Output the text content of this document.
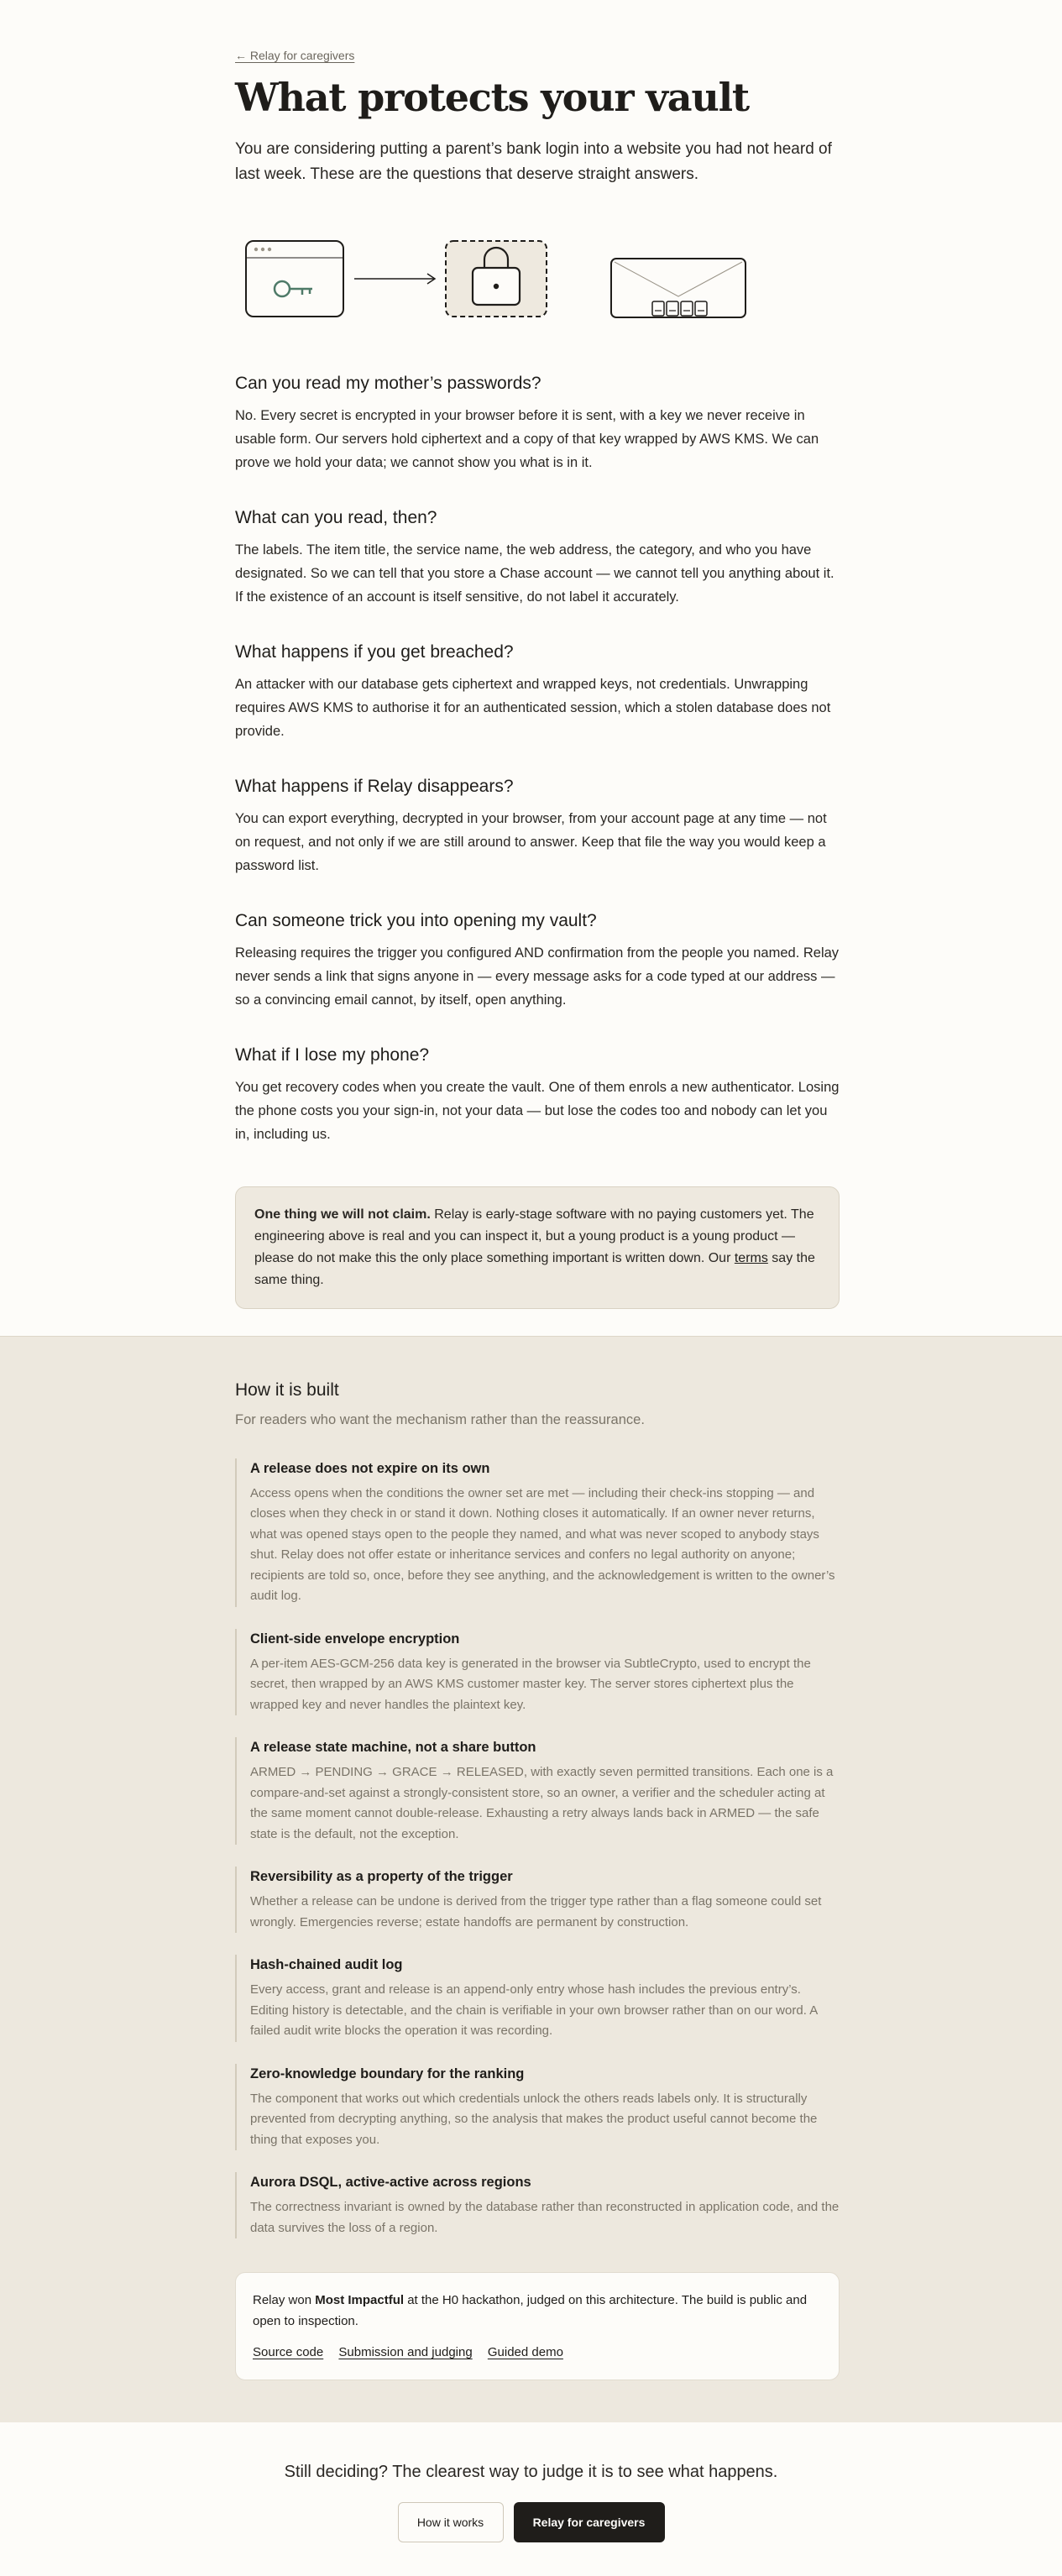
← Relay for caregivers
What protects your vault

You are considering putting a parent’s bank login into a website you had not heard of last week. These are the questions that deserve straight answers.

Can you read my mother’s passwords?

No. Every secret is encrypted in your browser before it is sent, with a key we never receive in usable form. Our servers hold ciphertext and a copy of that key wrapped by AWS KMS. We can prove we hold your data; we cannot show you what is in it.

What can you read, then?

The labels. The item title, the service name, the web address, the category, and who you have designated. So we can tell that you store a Chase account — we cannot tell you anything about it. If the existence of an account is itself sensitive, do not label it accurately.

What happens if you get breached?

An attacker with our database gets ciphertext and wrapped keys, not credentials. Unwrapping requires AWS KMS to authorise it for an authenticated session, which a stolen database does not provide.

What happens if Relay disappears?

You can export everything, decrypted in your browser, from your account page at any time — not on request, and not only if we are still around to answer. Keep that file the way you would keep a password list.

Can someone trick you into opening my vault?

Releasing requires the trigger you configured AND confirmation from the people you named. Relay never sends a link that signs anyone in — every message asks for a code typed at our address — so a convincing email cannot, by itself, open anything.

What if I lose my phone?

You get recovery codes when you create the vault. One of them enrols a new authenticator. Losing the phone costs you your sign-in, not your data — but lose the codes too and nobody can let you in, including us.

One thing we will not claim. Relay is early-stage software with no paying customers yet. The engineering above is real and you can inspect it, but a young product is a young product — please do not make this the only place something important is written down. Our terms say the same thing.
How it is built

For readers who want the mechanism rather than the reassurance.

A release does not expire on its own

Access opens when the conditions the owner set are met — including their check-ins stopping — and closes when they check in or stand it down. Nothing closes it automatically. If an owner never returns, what was opened stays open to the people they named, and what was never scoped to anybody stays shut. Relay does not offer estate or inheritance services and confers no legal authority on anyone; recipients are told so, once, before they see anything, and the acknowledgement is written to the owner’s audit log.

Client-side envelope encryption

A per-item AES-GCM-256 data key is generated in the browser via SubtleCrypto, used to encrypt the secret, then wrapped by an AWS KMS customer master key. The server stores ciphertext plus the wrapped key and never handles the plaintext key.

A release state machine, not a share button

ARMED → PENDING → GRACE → RELEASED, with exactly seven permitted transitions. Each one is a compare-and-set against a strongly-consistent store, so an owner, a verifier and the scheduler acting at the same moment cannot double-release. Exhausting a retry always lands back in ARMED — the safe state is the default, not the exception.

Reversibility as a property of the trigger

Whether a release can be undone is derived from the trigger type rather than a flag someone could set wrongly. Emergencies reverse; estate handoffs are permanent by construction.

Hash-chained audit log

Every access, grant and release is an append-only entry whose hash includes the previous entry’s. Editing history is detectable, and the chain is verifiable in your own browser rather than on our word. A failed audit write blocks the operation it was recording.

Zero-knowledge boundary for the ranking

The component that works out which credentials unlock the others reads labels only. It is structurally prevented from decrypting anything, so the analysis that makes the product useful cannot become the thing that exposes you.

Aurora DSQL, active-active across regions

The correctness invariant is owned by the database rather than reconstructed in application code, and the data survives the loss of a region.

Relay won Most Impactful at the H0 hackathon, judged on this architecture. The build is public and open to inspection.

Source code Submission and judging Guided demo

Still deciding? The clearest way to judge it is to see what happens.

How it works	Relay for caregivers
